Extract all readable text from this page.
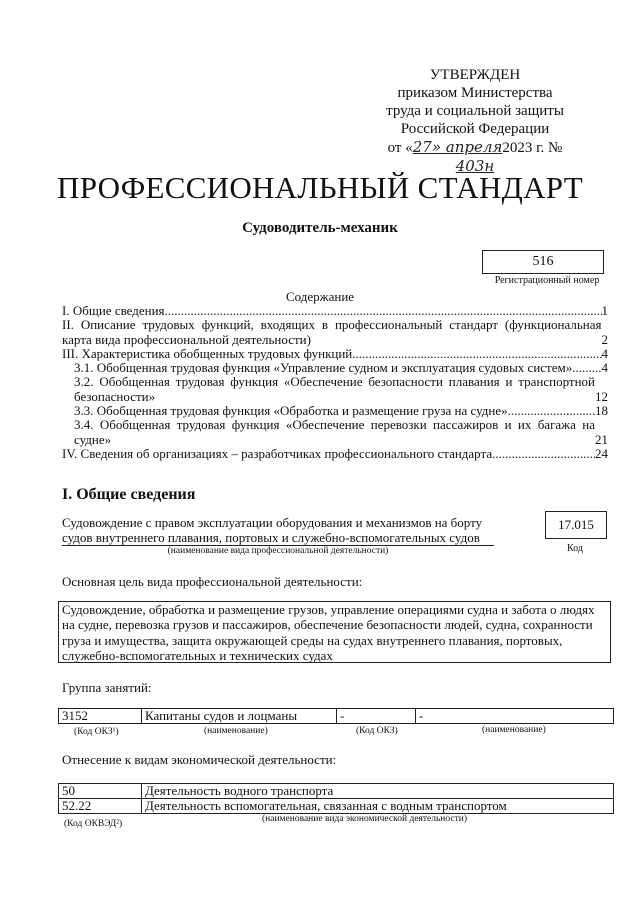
УТВЕРЖДЕН
приказом Министерства
труда и социальной защиты
Российской Федерации
от «27» апреля2023 г. № 403н
ПРОФЕССИОНАЛЬНЫЙ СТАНДАРТ
Судоводитель-механик
516
Регистрационный номер
Содержание
I. Общие сведения .....	1
II. Описание трудовых функций, входящих в профессиональный стандарт (функциональная карта вида профессиональной деятельности)	2
III. Характеристика обобщенных трудовых функций .....	4
3.1. Обобщенная трудовая функция «Управление судном и эксплуатация судовых систем» ..... 4
3.2. Обобщенная трудовая функция «Обеспечение безопасности плавания и транспортной безопасности»	12
3.3. Обобщенная трудовая функция «Обработка и размещение груза на судне» .....	18
3.4. Обобщенная трудовая функция «Обеспечение перевозки пассажиров и их багажа на судне»	21
IV. Сведения об организациях – разработчиках профессионального стандарта .....	24
I. Общие сведения
Судовождение с правом эксплуатации оборудования и механизмов на борту судов внутреннего плавания, портовых и служебно-вспомогательных судов
(наименование вида профессиональной деятельности)
17.015
Код
Основная цель вида профессиональной деятельности:
Судовождение, обработка и размещение грузов, управление операциями судна и забота о людях на судне, перевозка грузов и пассажиров, обеспечение безопасности людей, судна, сохранности груза и имущества, защита окружающей среды на судах внутреннего плавания, портовых, служебно-вспомогательных и технических судах
Группа занятий:
3152	Капитаны судов и лоцманы	-	-
(Код ОКЗ¹)	(наименование)	(Код ОКЗ)	(наименование)
Отнесение к видам экономической деятельности:
50	Деятельность водного транспорта
52.22	Деятельность вспомогательная, связанная с водным транспортом
(Код ОКВЭД²)	(наименование вида экономической деятельности)
